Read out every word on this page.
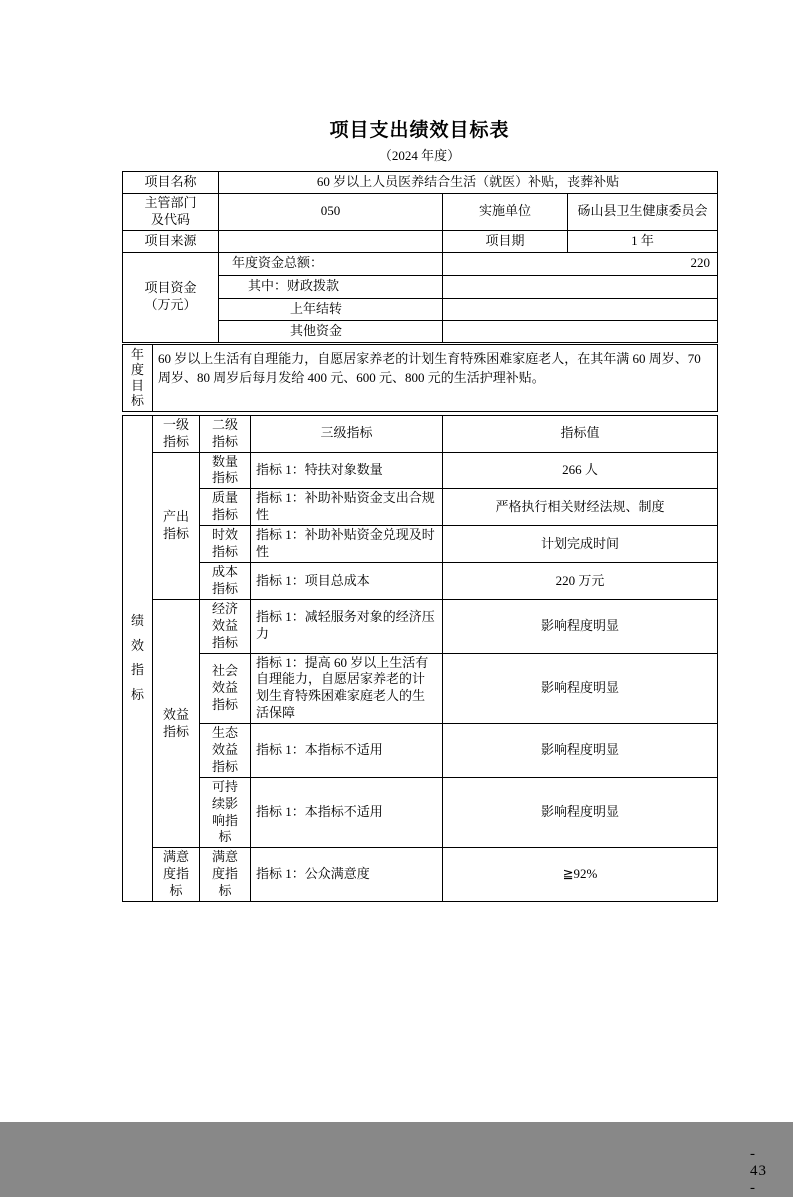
项目支出绩效目标表
（2024 年度）
项目名称	60 岁以上人员医养结合生活（就医）补贴，丧葬补贴		
主管部门及代码	050	实施单位	砀山县卫生健康委员会
项目来源		项目期	1 年
项目资金（万元）	年度资金总额：	220	
	其中：财政拨款		
	上年结转		
	其他资金		
年度目标	60 岁以上生活有自理能力，自愿居家养老的计划生育特殊困难家庭老人，在其年满 60 周岁、70 周岁、80 周岁后每月发给 400 元、600 元、800 元的生活护理补贴。
绩效指标	一级指标	二级指标	三级指标	指标值
	产出指标	数量指标	指标 1：特扶对象数量	266 人
		质量指标	指标 1：补助补贴资金支出合规性	严格执行相关财经法规、制度
		时效指标	指标 1：补助补贴资金兑现及时性	计划完成时间
		成本指标	指标 1：项目总成本	220 万元
	效益指标	经济效益指标	指标 1：减轻服务对象的经济压力	影响程度明显
		社会效益指标	指标 1：提高 60 岁以上生活有自理能力，自愿居家养老的计划生育特殊困难家庭老人的生活保障	影响程度明显
		生态效益指标	指标 1：本指标不适用	影响程度明显
		可持续影响指标	指标 1：本指标不适用	影响程度明显
	满意度指标	满意度指标	指标 1：公众满意度	≧92%
- 43 -
